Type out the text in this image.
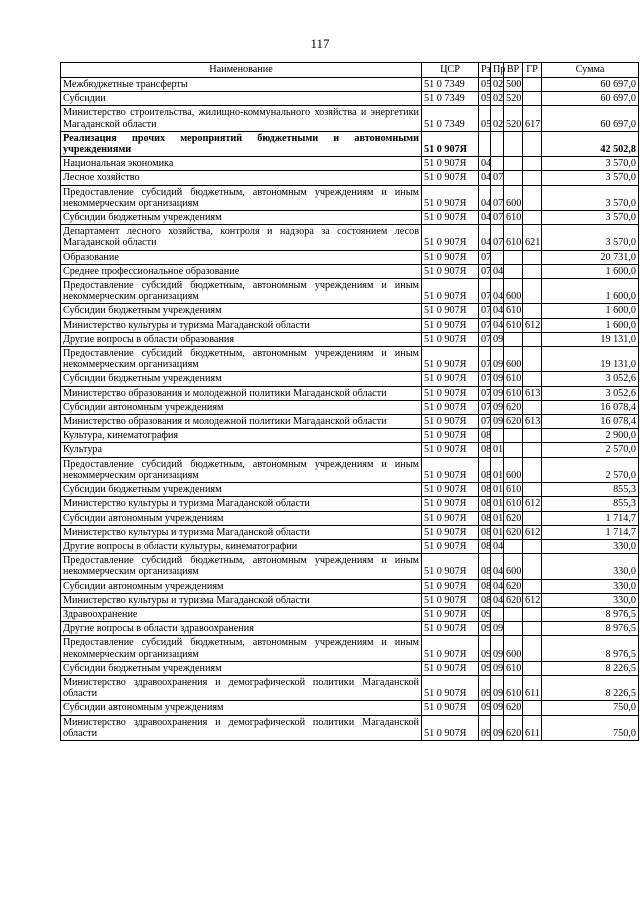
117
Наименование	ЦСР	Рз	Пр	ВР	ГР	Сумма
Межбюджетные трансферты	51 0 7349	05	02	500		60 697,0
Субсидии	51 0 7349	05	02	520		60 697,0
Министерство строительства, жилищно-коммунального хозяйства и энергетики Магаданской области	51 0 7349	05	02	520	617	60 697,0
Реализация прочих мероприятий бюджетными и автономными учреждениями	51 0 907Я					42 502,8
Национальная экономика	51 0 907Я	04				3 570,0
Лесное хозяйство	51 0 907Я	04	07			3 570,0
Предоставление субсидий бюджетным, автономным учреждениям и иным некоммерческим организациям	51 0 907Я	04	07	600		3 570,0
Субсидии бюджетным учреждениям	51 0 907Я	04	07	610		3 570,0
Департамент лесного хозяйства, контроля и надзора за состоянием лесов Магаданской области	51 0 907Я	04	07	610	621	3 570,0
Образование	51 0 907Я	07				20 731,0
Среднее профессиональное образование	51 0 907Я	07	04			1 600,0
Предоставление субсидий бюджетным, автономным учреждениям и иным некоммерческим организациям	51 0 907Я	07	04	600		1 600,0
Субсидии бюджетным учреждениям	51 0 907Я	07	04	610		1 600,0
Министерство культуры и туризма Магаданской области	51 0 907Я	07	04	610	612	1 600,0
Другие вопросы в области образования	51 0 907Я	07	09			19 131,0
Предоставление субсидий бюджетным, автономным учреждениям и иным некоммерческим организациям	51 0 907Я	07	09	600		19 131,0
Субсидии бюджетным учреждениям	51 0 907Я	07	09	610		3 052,6
Министерство образования и молодежной политики Магаданской области	51 0 907Я	07	09	610	613	3 052,6
Субсидии автономным учреждениям	51 0 907Я	07	09	620		16 078,4
Министерство образования и молодежной политики Магаданской области	51 0 907Я	07	09	620	613	16 078,4
Культура, кинематография	51 0 907Я	08				2 900,0
Культура	51 0 907Я	08	01			2 570,0
Предоставление субсидий бюджетным, автономным учреждениям и иным некоммерческим организациям	51 0 907Я	08	01	600		2 570,0
Субсидии бюджетным учреждениям	51 0 907Я	08	01	610		855,3
Министерство культуры и туризма Магаданской области	51 0 907Я	08	01	610	612	855,3
Субсидии автономным учреждениям	51 0 907Я	08	01	620		1 714,7
Министерство культуры и туризма Магаданской области	51 0 907Я	08	01	620	612	1 714,7
Другие вопросы в области культуры, кинематографии	51 0 907Я	08	04			330,0
Предоставление субсидий бюджетным, автономным учреждениям и иным некоммерческим организациям	51 0 907Я	08	04	600		330,0
Субсидии автономным учреждениям	51 0 907Я	08	04	620		330,0
Министерство культуры и туризма Магаданской области	51 0 907Я	08	04	620	612	330,0
Здравоохранение	51 0 907Я	09				8 976,5
Другие вопросы в области здравоохранения	51 0 907Я	09	09			8 976,5
Предоставление субсидий бюджетным, автономным учреждениям и иным некоммерческим организациям	51 0 907Я	09	09	600		8 976,5
Субсидии бюджетным учреждениям	51 0 907Я	09	09	610		8 226,5
Министерство здравоохранения и демографической политики Магаданской области	51 0 907Я	09	09	610	611	8 226,5
Субсидии автономным учреждениям	51 0 907Я	09	09	620		750,0
Министерство здравоохранения и демографической политики Магаданской области	51 0 907Я	09	09	620	611	750,0
